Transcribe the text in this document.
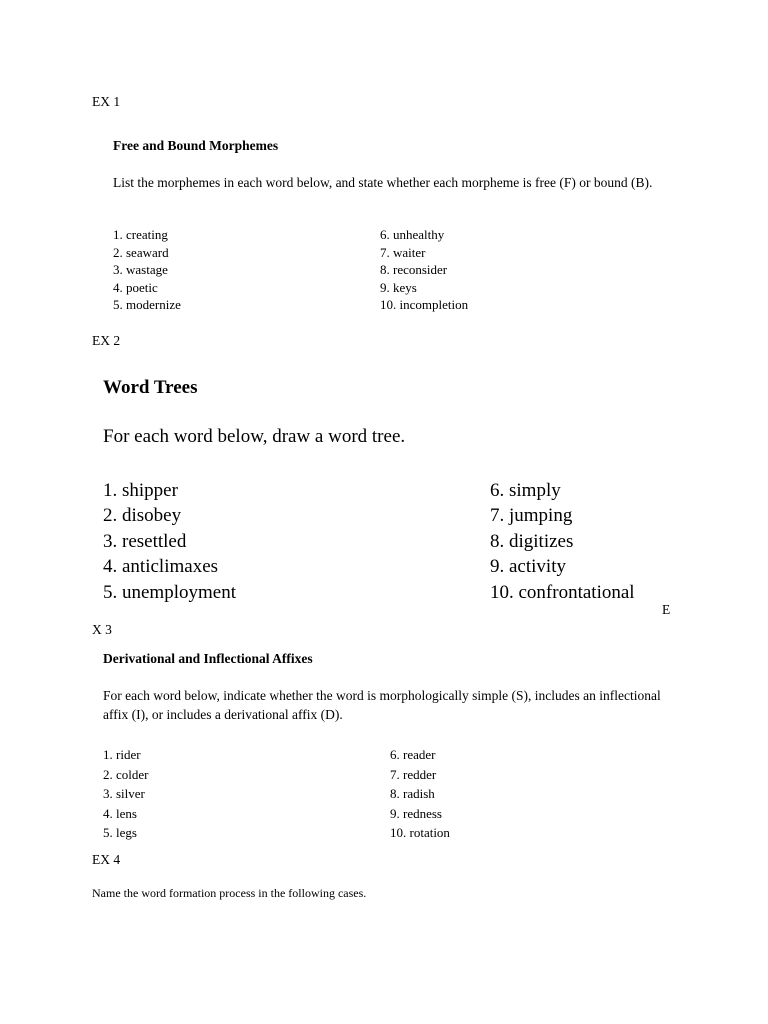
EX 1
Free and Bound Morphemes
List the morphemes in each word below, and state whether each morpheme is free (F) or bound (B).
1. creating
2. seaward
3. wastage
4. poetic
5. modernize
6. unhealthy
7. waiter
8. reconsider
9. keys
10. incompletion
EX 2
Word Trees
For each word below, draw a word tree.
1. shipper
2. disobey
3. resettled
4. anticlimaxes
5. unemployment
6. simply
7. jumping
8. digitizes
9. activity
10. confrontational
E
X 3
Derivational and Inflectional Affixes
For each word below, indicate whether the word is morphologically simple (S), includes an inflectional affix (I), or includes a derivational affix (D).
1. rider
2. colder
3. silver
4. lens
5. legs
6. reader
7. redder
8. radish
9. redness
10. rotation
EX 4
Name the word formation process in the following cases.
